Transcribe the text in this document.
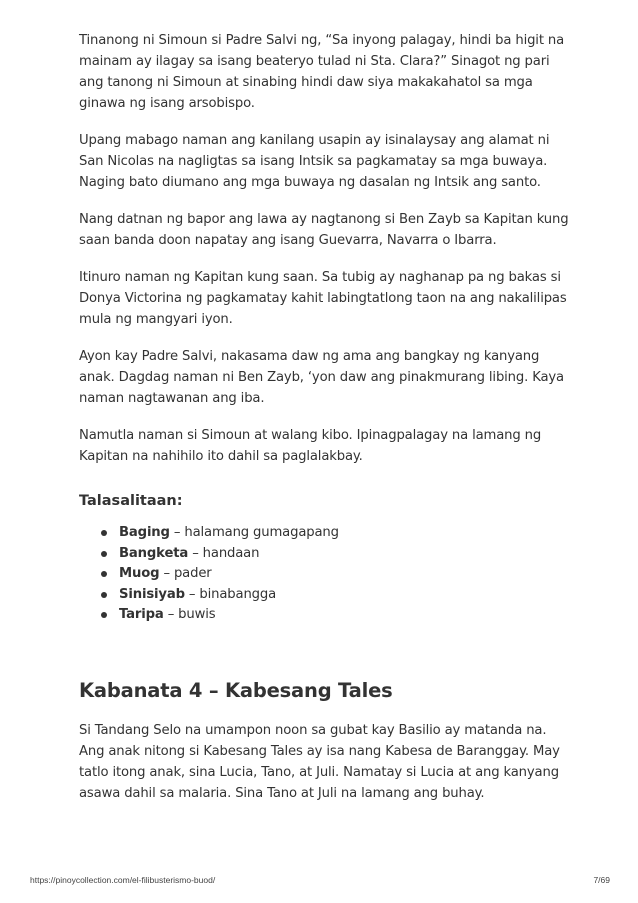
Tinanong ni Simoun si Padre Salvi ng, “Sa inyong palagay, hindi ba higit na mainam ay ilagay sa isang beateryo tulad ni Sta. Clara?” Sinagot ng pari ang tanong ni Simoun at sinabing hindi daw siya makakahatol sa mga ginawa ng isang arsobispo.

Upang mabago naman ang kanilang usapin ay isinalaysay ang alamat ni San Nicolas na nagligtas sa isang Intsik sa pagkamatay sa mga buwaya. Naging bato diumano ang mga buwaya ng dasalan ng Intsik ang santo.

Nang datnan ng bapor ang lawa ay nagtanong si Ben Zayb sa Kapitan kung saan banda doon napatay ang isang Guevarra, Navarra o Ibarra.

Itinuro naman ng Kapitan kung saan. Sa tubig ay naghanap pa ng bakas si Donya Victorina ng pagkamatay kahit labingtatlong taon na ang nakalilipas mula ng mangyari iyon.

Ayon kay Padre Salvi, nakasama daw ng ama ang bangkay ng kanyang anak. Dagdag naman ni Ben Zayb, ‘yon daw ang pinakmurang libing. Kaya naman nagtawanan ang iba.

Namutla naman si Simoun at walang kibo. Ipinagpalagay na lamang ng Kapitan na nahihilo ito dahil sa paglalakbay.

Talasalitaan:
Baging – halamang gumagapang
Bangketa – handaan
Muog – pader
Sinisiyab – binabangga
Taripa – buwis
Kabanata 4 – Kabesang Tales

Si Tandang Selo na umampon noon sa gubat kay Basilio ay matanda na. Ang anak nitong si Kabesang Tales ay isa nang Kabesa de Baranggay. May tatlo itong anak, sina Lucia, Tano, at Juli. Namatay si Lucia at ang kanyang asawa dahil sa malaria. Sina Tano at Juli na lamang ang buhay.

https://pinoycollection.com/el-filibusterismo-buod/	7/69
